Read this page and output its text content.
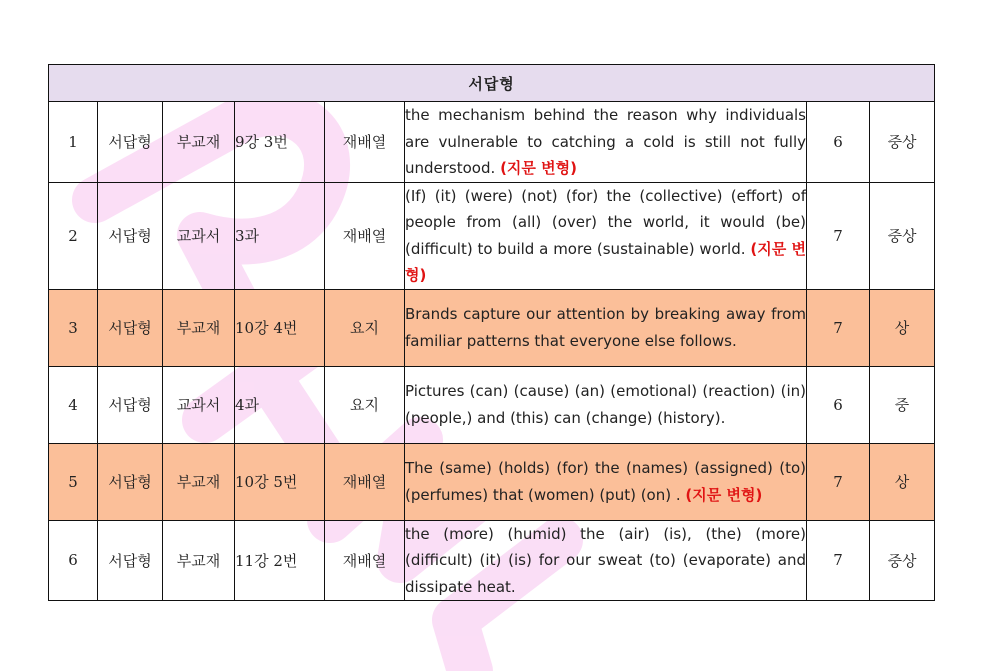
서답형							
1	서답형	부교재	9강 3번	재배열	the mechanism behind the reason why individuals are vulnerable to catching a cold is still not fully understood. (지문 변형)	6	중상
2	서답형	교과서	3과	재배열	(If) (it) (were) (not) (for) the (collective) (effort) of people from (all) (over) the world, it would (be) (difficult) to build a more (sustainable) world. (지문 변형)	7	중상
3	서답형	부교재	10강 4번	요지	Brands capture our attention by breaking away from familiar patterns that everyone else follows.	7	상
4	서답형	교과서	4과	요지	Pictures (can) (cause) (an) (emotional) (reaction) (in) (people,) and (this) can (change) (history).	6	중
5	서답형	부교재	10강 5번	재배열	The (same) (holds) (for) the (names) (assigned) (to) (perfumes) that (women) (put) (on) . (지문 변형)	7	상
6	서답형	부교재	11강 2번	재배열	the (more) (humid) the (air) (is), (the) (more) (difficult) (it) (is) for our sweat (to) (evaporate) and dissipate heat.	7	중상
